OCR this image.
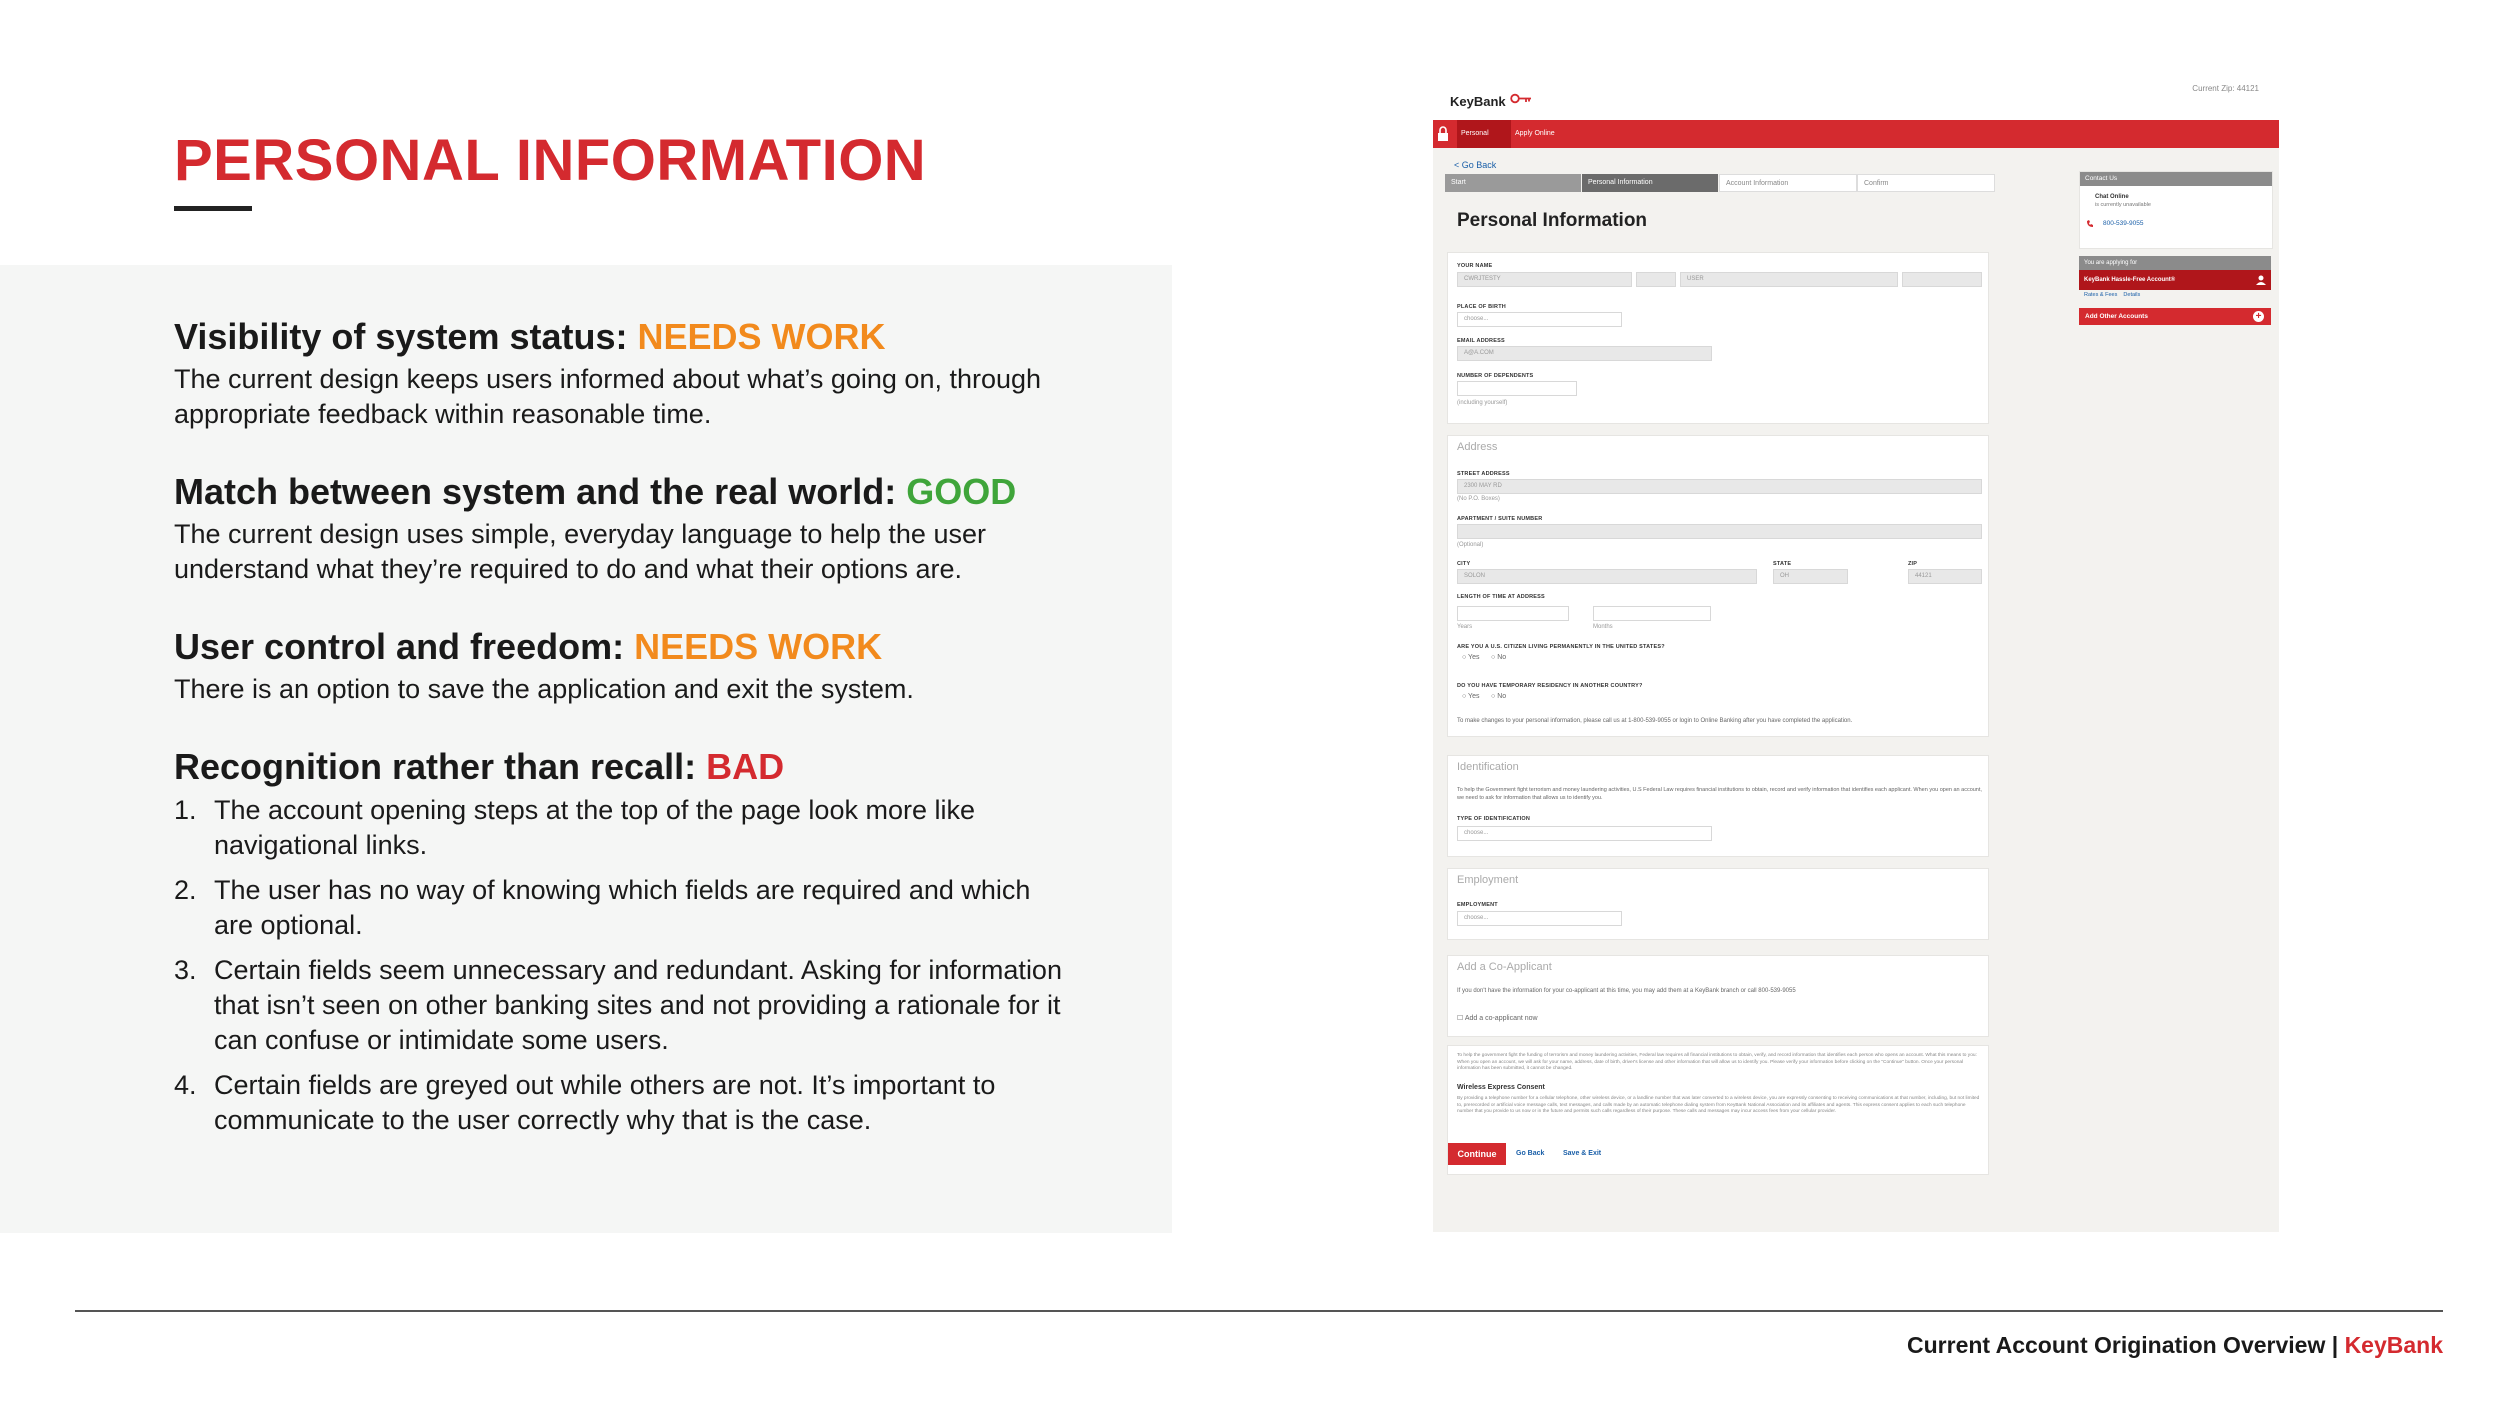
PERSONAL INFORMATION

Visibility of system status: NEEDS WORK

The current design keeps users informed about what’s going on, through appropriate feedback within reasonable time.

Match between system and the real world: GOOD

The current design uses simple, everyday language to help the user understand what they’re required to do and what their options are.

User control and freedom: NEEDS WORK

There is an option to save the application and exit the system.

Recognition rather than recall: BAD

1. The account opening steps at the top of the page look more like navigational links.
2. The user has no way of knowing which fields are required and which are optional.
3. Certain fields seem unnecessary and redundant. Asking for information that isn’t seen on other banking sites and not providing a rationale for it can confuse or intimidate some users.
4. Certain fields are greyed out while others are not. It’s important to communicate to the user correctly why that is the case.
KeyBank
Current Zip: 44121
Personal	Apply Online
< Go Back
Start	Personal Information	Account Information	Confirm
Personal Information
YOUR NAME
CWRJTESTY	USER
PLACE OF BIRTH
choose...
EMAIL ADDRESS
A@A.COM
NUMBER OF DEPENDENTS
(including yourself)
Address
STREET ADDRESS
2300 MAY RD
(No P.O. Boxes)
APARTMENT / SUITE NUMBER
(Optional)
CITY
SOLON
STATE
OH
ZIP
44121
LENGTH OF TIME AT ADDRESS
Years	Months
ARE YOU A U.S. CITIZEN LIVING PERMANENTLY IN THE UNITED STATES?
○ Yes ○ No
DO YOU HAVE TEMPORARY RESIDENCY IN ANOTHER COUNTRY?
○ Yes ○ No
To make changes to your personal information, please call us at 1-800-539-9055 or login to Online Banking after you have completed the application.
Identification
To help the Government fight terrorism and money laundering activities, U.S Federal Law requires financial institutions to obtain, record and verify information that identifies each applicant. When you open an account, we need to ask for information that allows us to identify you.
TYPE OF IDENTIFICATION
choose...
Employment
EMPLOYMENT
choose...
Add a Co-Applicant
If you don't have the information for your co-applicant at this time, you may add them at a KeyBank branch or call 800-539-9055
☐ Add a co-applicant now
To help the government fight the funding of terrorism and money laundering activities, Federal law requires all financial institutions to obtain, verify, and record information that identifies each person who opens an account. What this means to you: When you open an account, we will ask for your name, address, date of birth, driver's license and other information that will allow us to identify you. Please verify your information before clicking on the "Continue" button. Once your personal information has been submitted, it cannot be changed.
Wireless Express Consent
By providing a telephone number for a cellular telephone, other wireless device, or a landline number that was later converted to a wireless device, you are expressly consenting to receiving communications at that number, including, but not limited to, prerecorded or artificial voice message calls, text messages, and calls made by an automatic telephone dialing system from KeyBank National Association and its affiliates and agents. This express consent applies to each such telephone number that you provide to us now or in the future and permits such calls regardless of their purpose. These calls and messages may incur access fees from your cellular provider.
Continue	Go Back	Save & Exit
Contact Us
Chat Online
is currently unavailable
800-539-9055
You are applying for
KeyBank Hassle-Free Account®
Rates & Fees    Details
Add Other Accounts	+
Current Account Origination Overview | KeyBank
